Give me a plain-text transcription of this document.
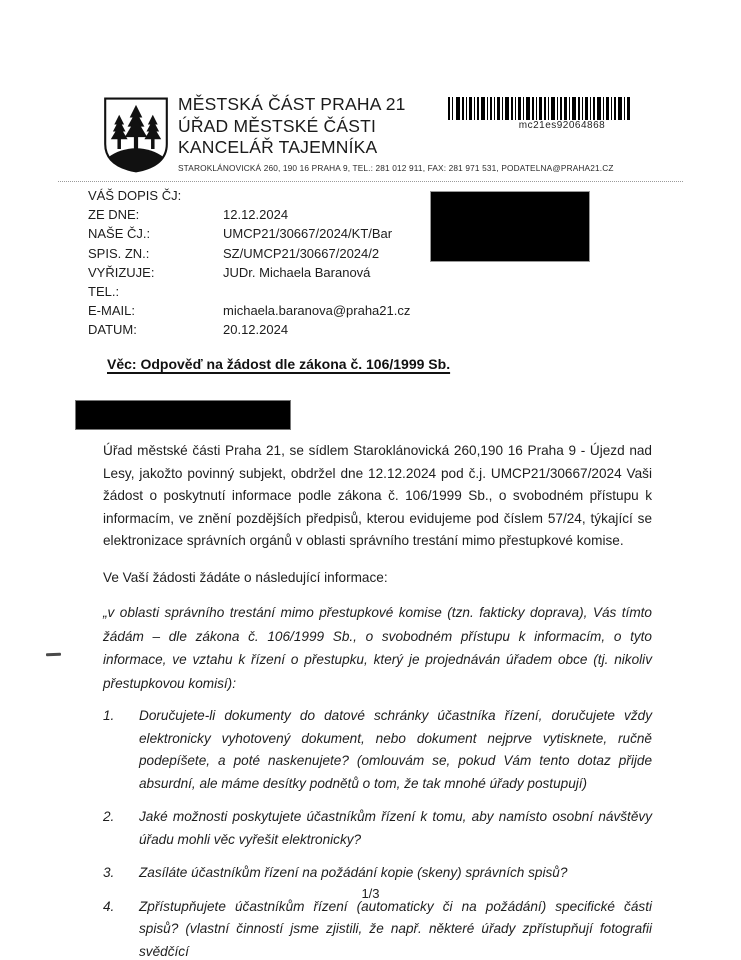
MĚSTSKÁ ČÁST PRAHA 21
ÚŘAD MĚSTSKÉ ČÁSTI
KANCELÁŘ TAJEMNÍKA
STAROKLÁNOVICKÁ 260, 190 16 PRAHA 9, TEL.: 281 012 911, FAX: 281 971 531, PODATELNA@PRAHA21.CZ
mc21es92064868
VÁŠ DOPIS ČJ:
ZE DNE:	12.12.2024
NAŠE ČJ.:	UMCP21/30667/2024/KT/Bar
SPIS. ZN.:	SZ/UMCP21/30667/2024/2
VYŘIZUJE:	JUDr. Michaela Baranová
TEL.:
E-MAIL:	michaela.baranova@praha21.cz
DATUM:	20.12.2024
Věc: Odpověď na žádost dle zákona č. 106/1999 Sb.

Úřad městské části Praha 21, se sídlem Staroklánovická 260,190 16 Praha 9 - Újezd nad Lesy, jakožto povinný subjekt, obdržel dne 12.12.2024 pod č.j. UMCP21/30667/2024 Vaši žádost o poskytnutí informace podle zákona č. 106/1999 Sb., o svobodném přístupu k informacím, ve znění pozdějších předpisů, kterou evidujeme pod číslem 57/24, týkající se elektronizace správních orgánů v oblasti správního trestání mimo přestupkové komise.

Ve Vaší žádosti žádáte o následující informace:

„v oblasti správního trestání mimo přestupkové komise (tzn. fakticky doprava), Vás tímto žádám – dle zákona č. 106/1999 Sb., o svobodném přístupu k informacím, o tyto informace, ve vztahu k řízení o přestupku, který je projednáván úřadem obce (tj. nikoliv přestupkovou komisí):

1.	Doručujete-li dokumenty do datové schránky účastníka řízení, doručujete vždy elektronicky vyhotovený dokument, nebo dokument nejprve vytisknete, ručně podepíšete, a poté naskenujete? (omlouvám se, pokud Vám tento dotaz přijde absurdní, ale máme desítky podnětů o tom, že tak mnohé úřady postupují)
2.	Jaké možnosti poskytujete účastníkům řízení k tomu, aby namísto osobní návštěvy úřadu mohli věc vyřešit elektronicky?
3.	Zasíláte účastníkům řízení na požádání kopie (skeny) správních spisů?
4.	Zpřístupňujete účastníkům řízení (automaticky či na požádání) specifické části spisů? (vlastní činností jsme zjistili, že např. některé úřady zpřístupňují fotografii svědčící
1/3
